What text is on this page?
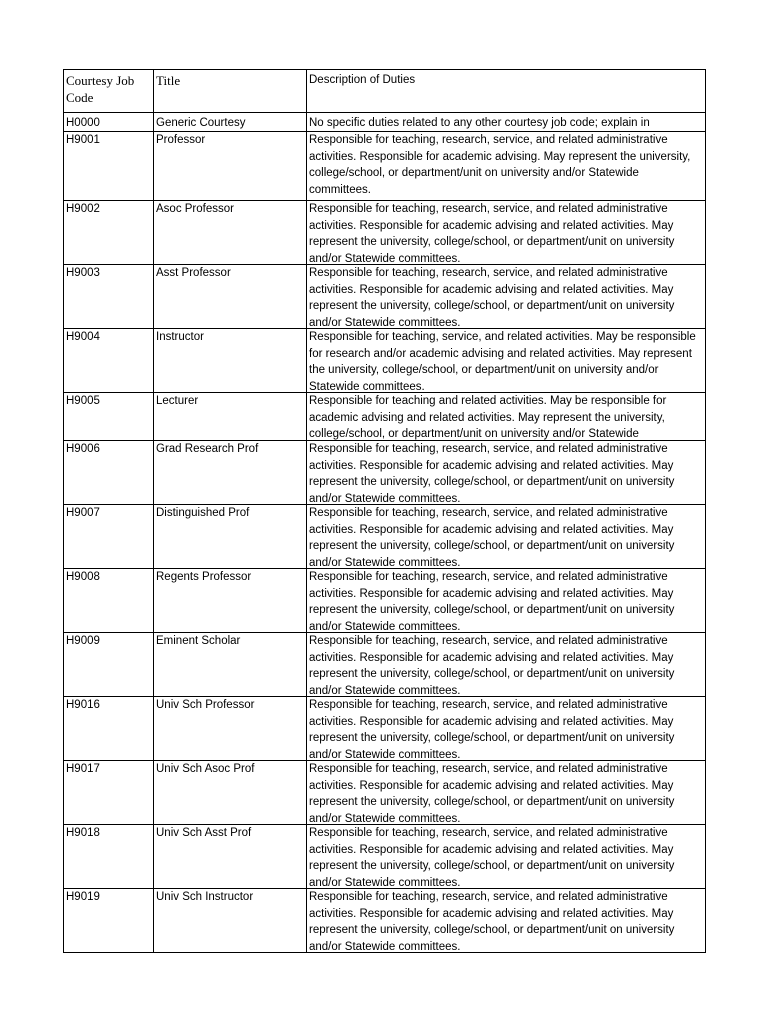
Courtesy Job Code	Title	Description of Duties

H0000	Generic Courtesy	No specific duties related to any other courtesy job code; explain in

H9001	Professor	Responsible for teaching, research, service, and related administrative activities. Responsible for academic advising. May represent the university, college/school, or department/unit on university and/or Statewide committees.

H9002	Asoc Professor	Responsible for teaching, research, service, and related administrative activities. Responsible for academic advising and related activities. May represent the university, college/school, or department/unit on university and/or Statewide committees.

H9003	Asst Professor	Responsible for teaching, research, service, and related administrative activities. Responsible for academic advising and related activities. May represent the university, college/school, or department/unit on university and/or Statewide committees.

H9004	Instructor	Responsible for teaching, service, and related activities. May be responsible for research and/or academic advising and related activities. May represent the university, college/school, or department/unit on university and/or Statewide committees.

H9005	Lecturer	Responsible for teaching and related activities. May be responsible for academic advising and related activities. May represent the university, college/school, or department/unit on university and/or Statewide

H9006	Grad Research Prof	Responsible for teaching, research, service, and related administrative activities. Responsible for academic advising and related activities. May represent the university, college/school, or department/unit on university and/or Statewide committees.

H9007	Distinguished Prof	Responsible for teaching, research, service, and related administrative activities. Responsible for academic advising and related activities. May represent the university, college/school, or department/unit on university and/or Statewide committees.

H9008	Regents Professor	Responsible for teaching, research, service, and related administrative activities. Responsible for academic advising and related activities. May represent the university, college/school, or department/unit on university and/or Statewide committees.

H9009	Eminent Scholar	Responsible for teaching, research, service, and related administrative activities. Responsible for academic advising and related activities. May represent the university, college/school, or department/unit on university and/or Statewide committees.

H9016	Univ Sch Professor	Responsible for teaching, research, service, and related administrative activities. Responsible for academic advising and related activities. May represent the university, college/school, or department/unit on university and/or Statewide committees.

H9017	Univ Sch Asoc Prof	Responsible for teaching, research, service, and related administrative activities. Responsible for academic advising and related activities. May represent the university, college/school, or department/unit on university and/or Statewide committees.

H9018	Univ Sch Asst Prof	Responsible for teaching, research, service, and related administrative activities. Responsible for academic advising and related activities. May represent the university, college/school, or department/unit on university and/or Statewide committees.

H9019	Univ Sch Instructor	Responsible for teaching, research, service, and related administrative activities. Responsible for academic advising and related activities. May represent the university, college/school, or department/unit on university and/or Statewide committees.
